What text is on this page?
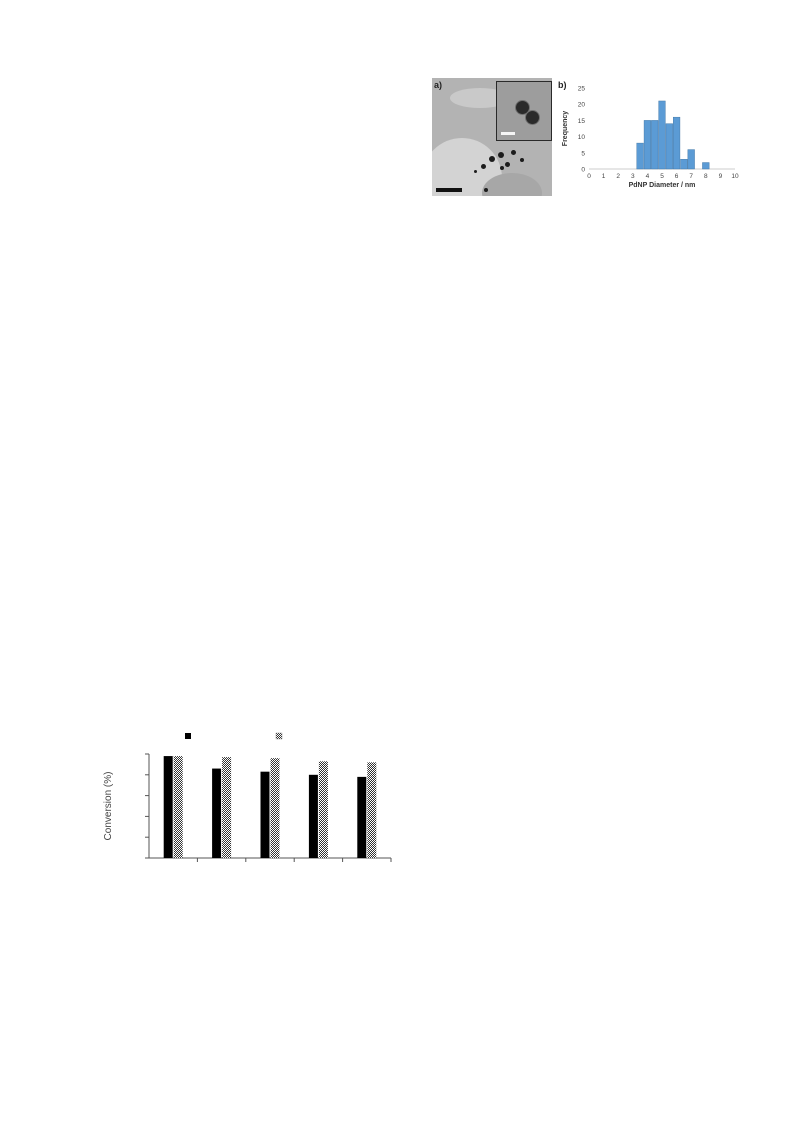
a)
0
5
10
15
20
25
0 1 2 3 4 5 6 7 8 9 10
PdNP Diameter / nm
Frequency
b)
Conversion (%)
